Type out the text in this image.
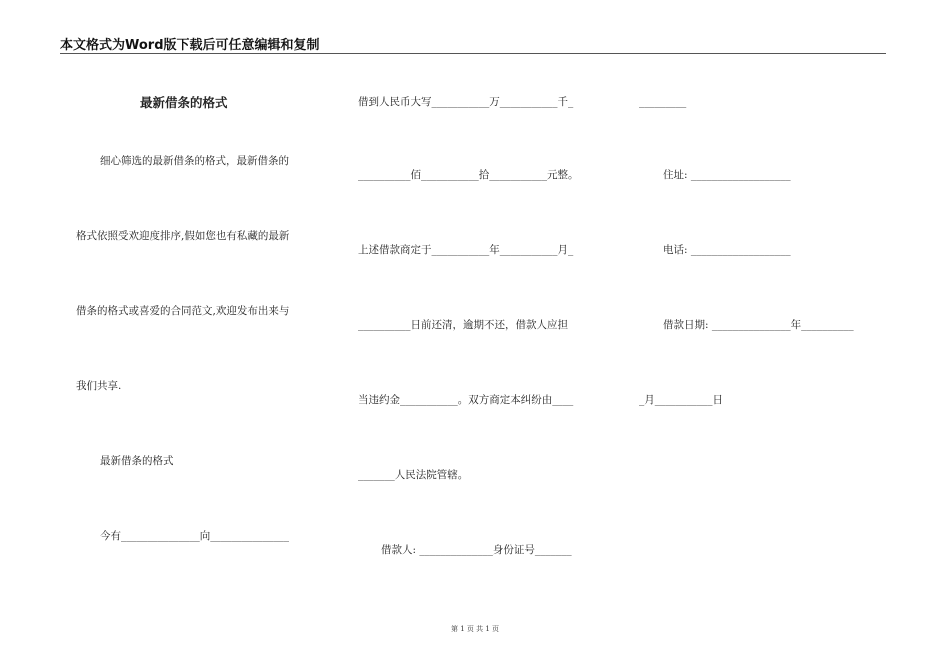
本文格式为Word版下载后可任意编辑和复制
最新借条的格式
细心筛选的最新借条的格式，最新借条的
格式依照受欢迎度排序,假如您也有私藏的最新
借条的格式或喜爱的合同范文,欢迎发布出来与
我们共享.
最新借条的格式
今有_______________向_______________
借到人民币大写___________万___________千_
__________佰___________拾___________元整。
上述借款商定于___________年___________月_
__________日前还清，逾期不还，借款人应担
当违约金___________。双方商定本纠纷由____
_______人民法院管辖。
借款人: ______________身份证号_______
_________
住址: ___________________
电话: ___________________
借款日期: _______________年__________
_月___________日
第 1 页 共 1 页
